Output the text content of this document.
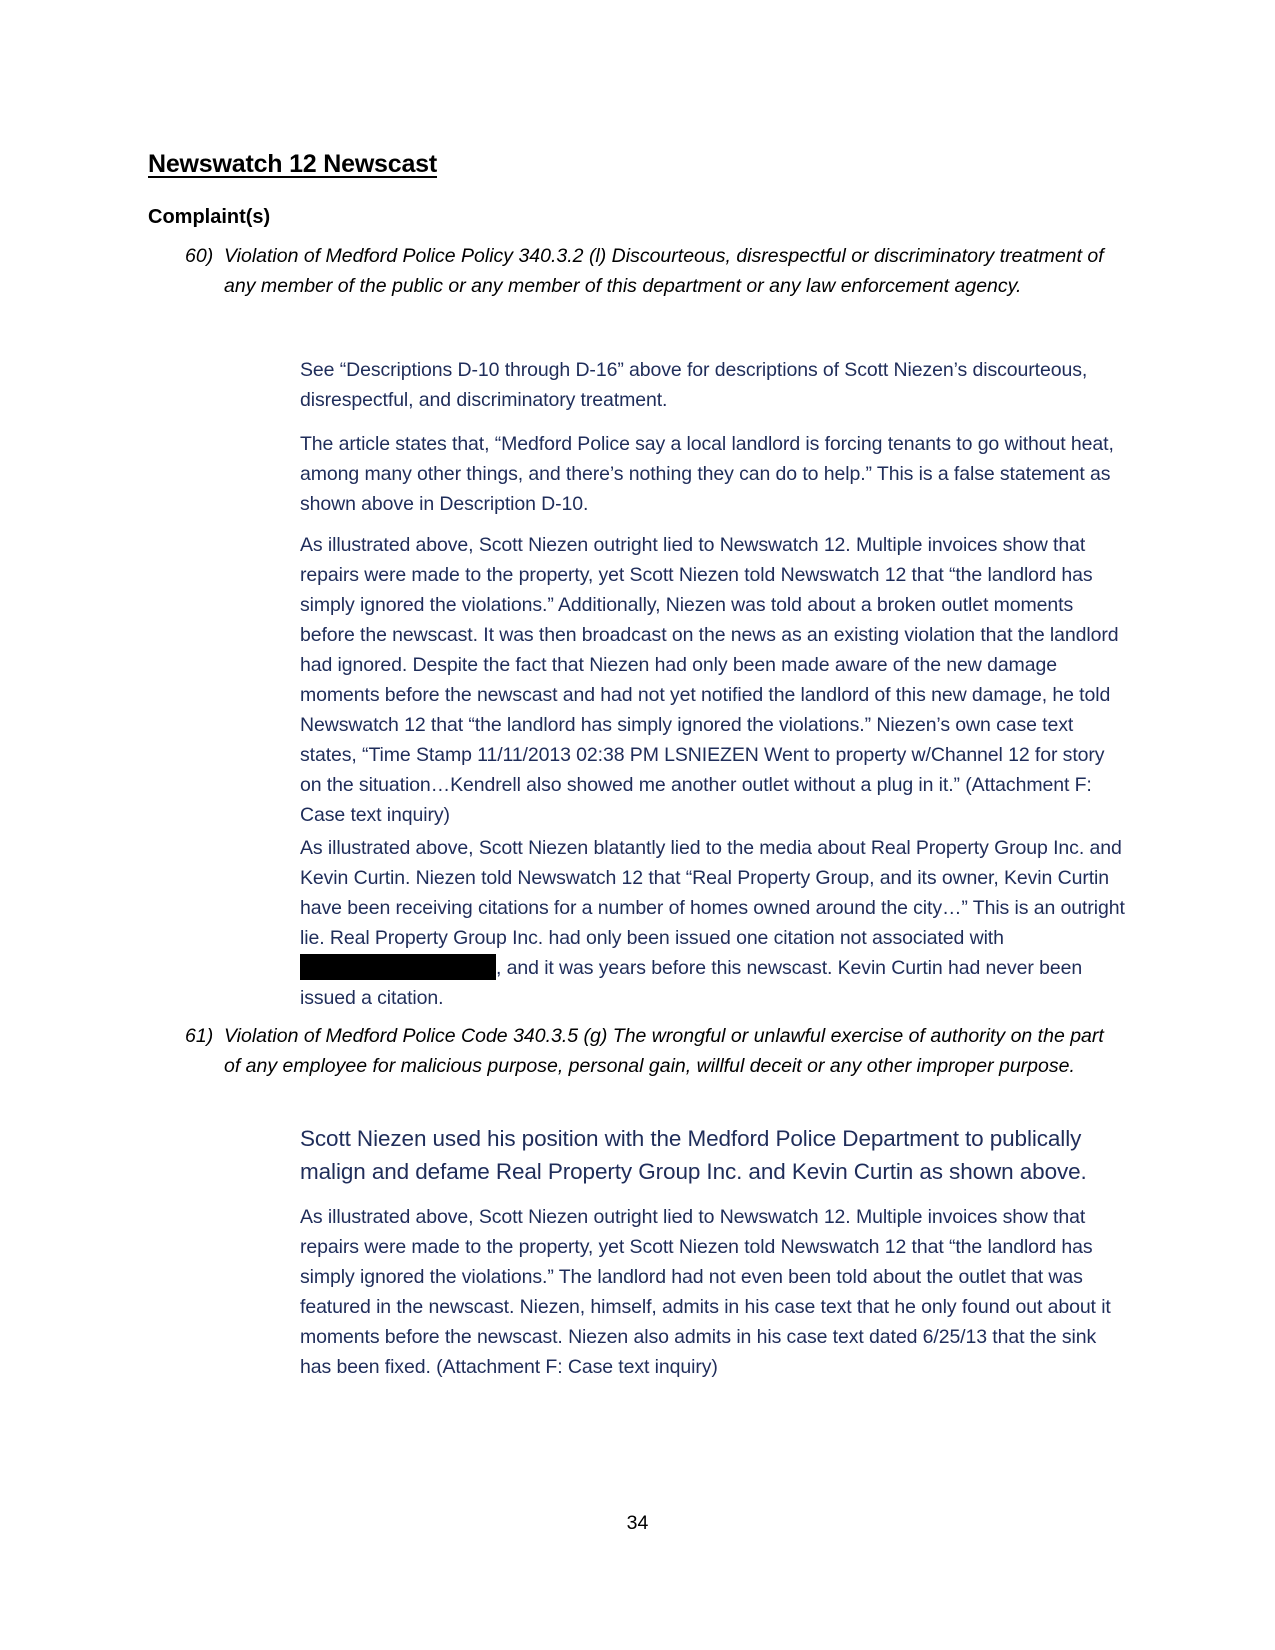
Newswatch 12 Newscast
Complaint(s)
60) Violation of Medford Police Policy 340.3.2 (l) Discourteous, disrespectful or discriminatory treatment of any member of the public or any member of this department or any law enforcement agency.
See “Descriptions D-10 through D-16” above for descriptions of Scott Niezen’s discourteous, disrespectful, and discriminatory treatment.
The article states that, “Medford Police say a local landlord is forcing tenants to go without heat, among many other things, and there’s nothing they can do to help.” This is a false statement as shown above in Description D-10.
As illustrated above, Scott Niezen outright lied to Newswatch 12. Multiple invoices show that repairs were made to the property, yet Scott Niezen told Newswatch 12 that “the landlord has simply ignored the violations.” Additionally, Niezen was told about a broken outlet moments before the newscast. It was then broadcast on the news as an existing violation that the landlord had ignored. Despite the fact that Niezen had only been made aware of the new damage moments before the newscast and had not yet notified the landlord of this new damage, he told Newswatch 12 that “the landlord has simply ignored the violations.” Niezen’s own case text states, “Time Stamp 11/11/2013 02:38 PM LSNIEZEN Went to property w/Channel 12 for story on the situation…Kendrell also showed me another outlet without a plug in it.” (Attachment F: Case text inquiry)
As illustrated above, Scott Niezen blatantly lied to the media about Real Property Group Inc. and Kevin Curtin. Niezen told Newswatch 12 that “Real Property Group, and its owner, Kevin Curtin have been receiving citations for a number of homes owned around the city…” This is an outright lie. Real Property Group Inc. had only been issued one citation not associated with , and it was years before this newscast. Kevin Curtin had never been issued a citation.
61) Violation of Medford Police Code 340.3.5 (g) The wrongful or unlawful exercise of authority on the part of any employee for malicious purpose, personal gain, willful deceit or any other improper purpose.
Scott Niezen used his position with the Medford Police Department to publically malign and defame Real Property Group Inc. and Kevin Curtin as shown above.
As illustrated above, Scott Niezen outright lied to Newswatch 12. Multiple invoices show that repairs were made to the property, yet Scott Niezen told Newswatch 12 that “the landlord has simply ignored the violations.” The landlord had not even been told about the outlet that was featured in the newscast. Niezen, himself, admits in his case text that he only found out about it moments before the newscast. Niezen also admits in his case text dated 6/25/13 that the sink has been fixed. (Attachment F: Case text inquiry)
34
